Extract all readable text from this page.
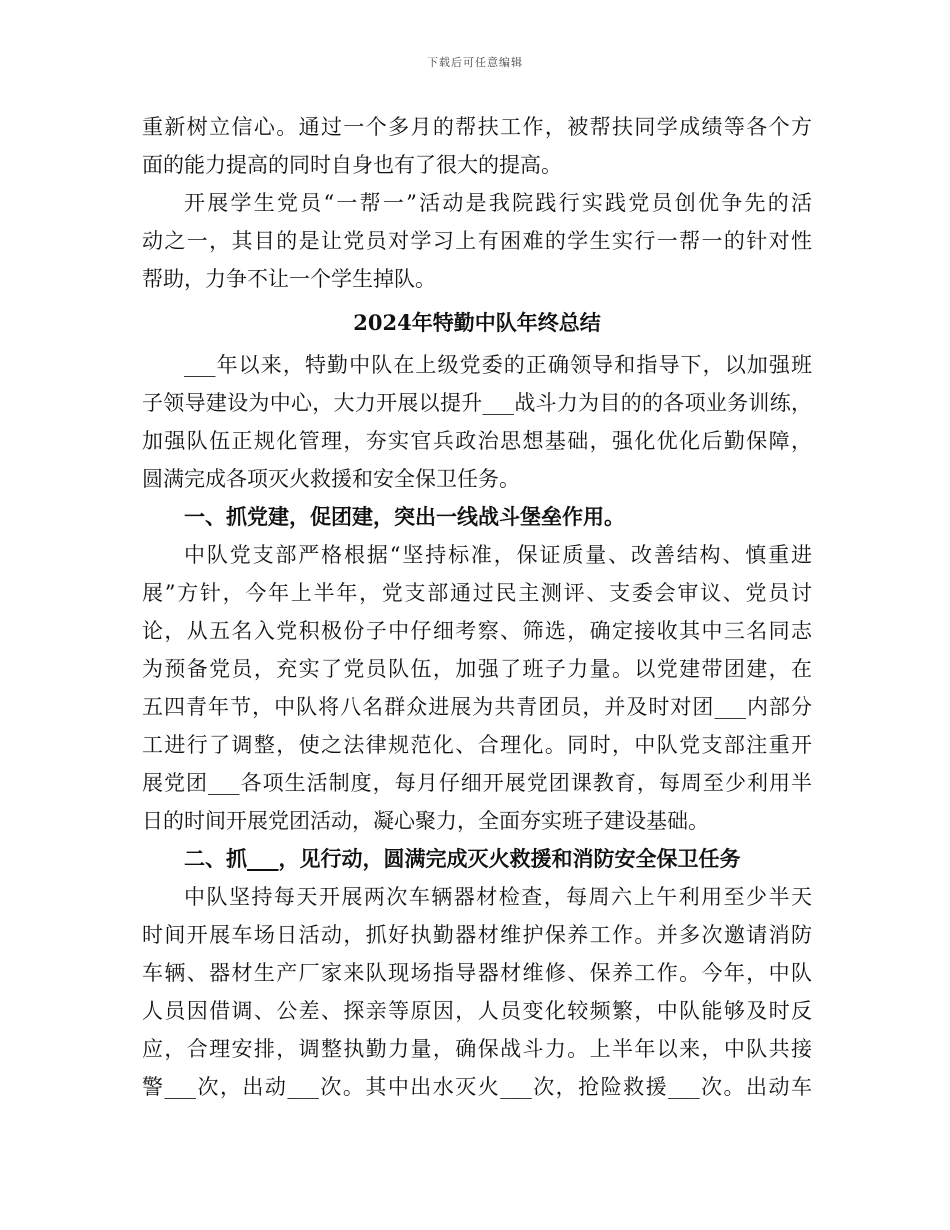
下载后可任意编辑
重新树立信心。通过一个多月的帮扶工作，被帮扶同学成绩等各个方
面的能力提高的同时自身也有了很大的提高。
开展学生党员“一帮一”活动是我院践行实践党员创优争先的活
动之一，其目的是让党员对学习上有困难的学生实行一帮一的针对性
帮助，力争不让一个学生掉队。
2024年特勤中队年终总结
___年以来，特勤中队在上级党委的正确领导和指导下，以加强班
子领导建设为中心，大力开展以提升___战斗力为目的的各项业务训练，
加强队伍正规化管理，夯实官兵政治思想基础，强化优化后勤保障，
圆满完成各项灭火救援和安全保卫任务。
一、抓党建，促团建，突出一线战斗堡垒作用。
中队党支部严格根据“坚持标准，保证质量、改善结构、慎重进
展”方针，今年上半年，党支部通过民主测评、支委会审议、党员讨
论，从五名入党积极份子中仔细考察、筛选，确定接收其中三名同志
为预备党员，充实了党员队伍，加强了班子力量。以党建带团建，在
五四青年节，中队将八名群众进展为共青团员，并及时对团___内部分
工进行了调整，使之法律规范化、合理化。同时，中队党支部注重开
展党团___各项生活制度，每月仔细开展党团课教育，每周至少利用半
日的时间开展党团活动，凝心聚力，全面夯实班子建设基础。
二、抓___，见行动，圆满完成灭火救援和消防安全保卫任务
中队坚持每天开展两次车辆器材检查，每周六上午利用至少半天
时间开展车场日活动，抓好执勤器材维护保养工作。并多次邀请消防
车辆、器材生产厂家来队现场指导器材维修、保养工作。今年，中队
人员因借调、公差、探亲等原因，人员变化较频繁，中队能够及时反
应，合理安排，调整执勤力量，确保战斗力。上半年以来，中队共接
警___次，出动___次。其中出水灭火___次，抢险救援___次。出动车
